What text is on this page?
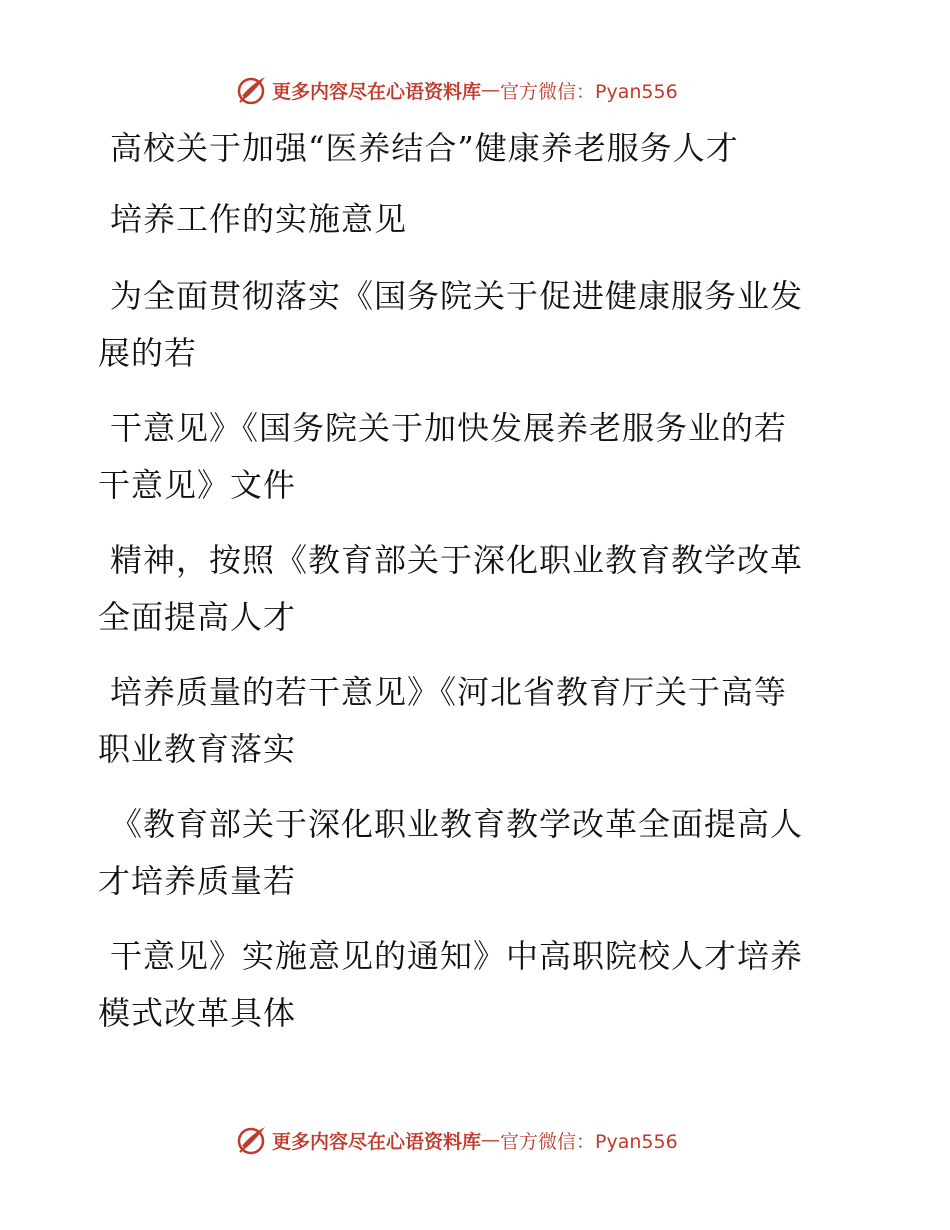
更多内容尽在心语资料库 — 官方微信：Pyan556
高校关于加强“医养结合”健康养老服务人才
培养工作的实施意见
为全面贯彻落实《国务院关于促进健康服务业发
展的若
干意见》《国务院关于加快发展养老服务业的若
干意见》文件
精神，按照《教育部关于深化职业教育教学改革
全面提高人才
培养质量的若干意见》《河北省教育厅关于高等
职业教育落实
《教育部关于深化职业教育教学改革全面提高人
才培养质量若
干意见》实施意见的通知》中高职院校人才培养
模式改革具体
更多内容尽在心语资料库 — 官方微信：Pyan556
